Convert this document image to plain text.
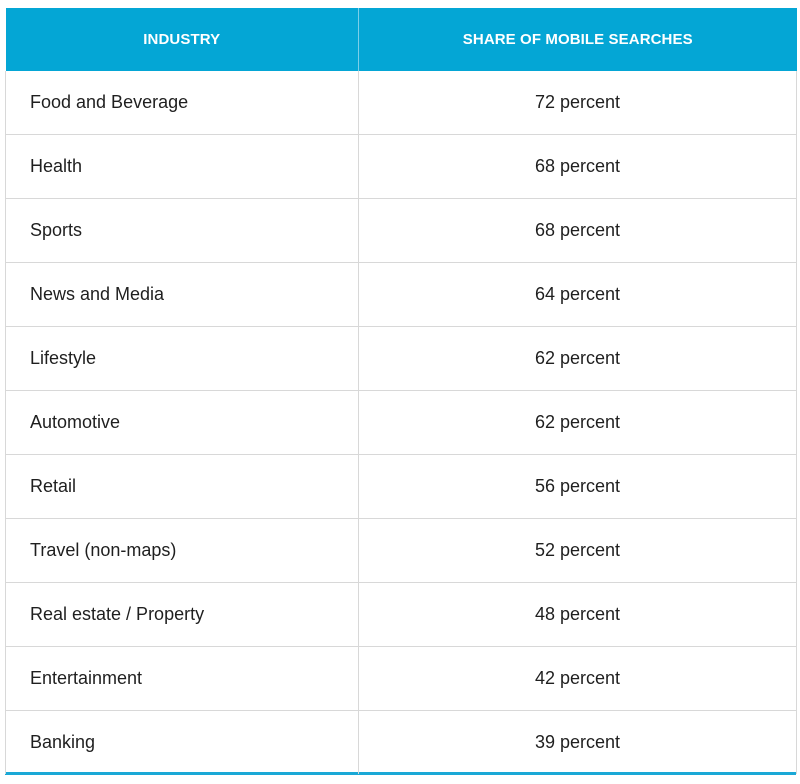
INDUSTRY	SHARE OF MOBILE SEARCHES
Food and Beverage	72 percent
Health	68 percent
Sports	68 percent
News and Media	64 percent
Lifestyle	62 percent
Automotive	62 percent
Retail	56 percent
Travel (non-maps)	52 percent
Real estate / Property	48 percent
Entertainment	42 percent
Banking	39 percent
